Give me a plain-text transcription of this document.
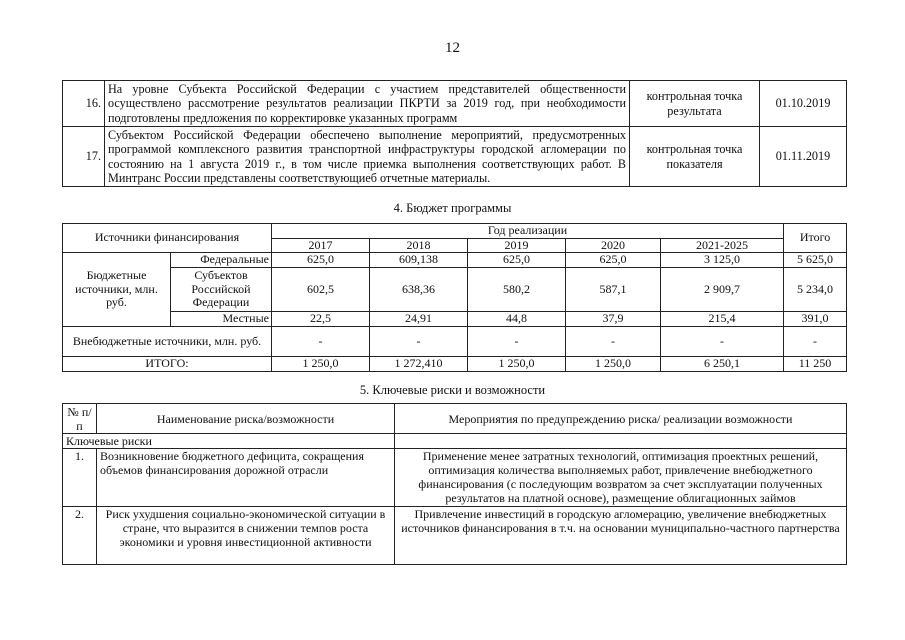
12
16.	На уровне Субъекта Российской Федерации с участием представителей общественности осуществлено рассмотрение результатов реализации ПКРТИ за 2019 год, при необходимости подготовлены предложения по корректировке указанных программ	контрольная точка результата	01.10.2019
17.	Субъектом Российской Федерации обеспечено выполнение мероприятий, предусмотренных программой комплексного развития транспортной инфраструктуры городской агломерации по состоянию на 1 августа 2019 г., в том числе приемка выполнения соответствующих работ. В Минтранс России представлены соответствующиеб отчетные материалы.	контрольная точка показателя	01.11.2019
4. Бюджет программы
Источники финансирования		Год реализации					Итого
		2017	2018	2019	2020	2021-2025	
Бюджетные источники, млн. руб.	Федеральные	625,0	609,138	625,0	625,0	3 125,0	5 625,0
	Субъектов Российской Федерации	602,5	638,36	580,2	587,1	2 909,7	5 234,0
	Местные	22,5	24,91	44,8	37,9	215,4	391,0
Внебюджетные источники, млн. руб.		-	-	-	-	-	-
ИТОГО:		1 250,0	1 272,410	1 250,0	1 250,0	6 250,1	11 250
5. Ключевые риски и возможности
№ п/п	Наименование риска/возможности	Мероприятия по предупреждению риска/ реализации возможности
Ключевые риски		
1.	Возникновение бюджетного дефицита, сокращения объемов финансирования дорожной отрасли	Применение менее затратных технологий, оптимизация проектных решений, оптимизация количества выполняемых работ, привлечение внебюджетного финансирования (с последующим возвратом за счет эксплуатации полученных результатов на платной основе), размещение облигационных займов
2.	Риск ухудшения социально-экономической ситуации в стране, что выразится в снижении темпов роста экономики и уровня инвестиционной активности	Привлечение инвестиций в городскую агломерацию, увеличение внебюджетных источников финансирования в т.ч. на основании муниципально-частного партнерства
